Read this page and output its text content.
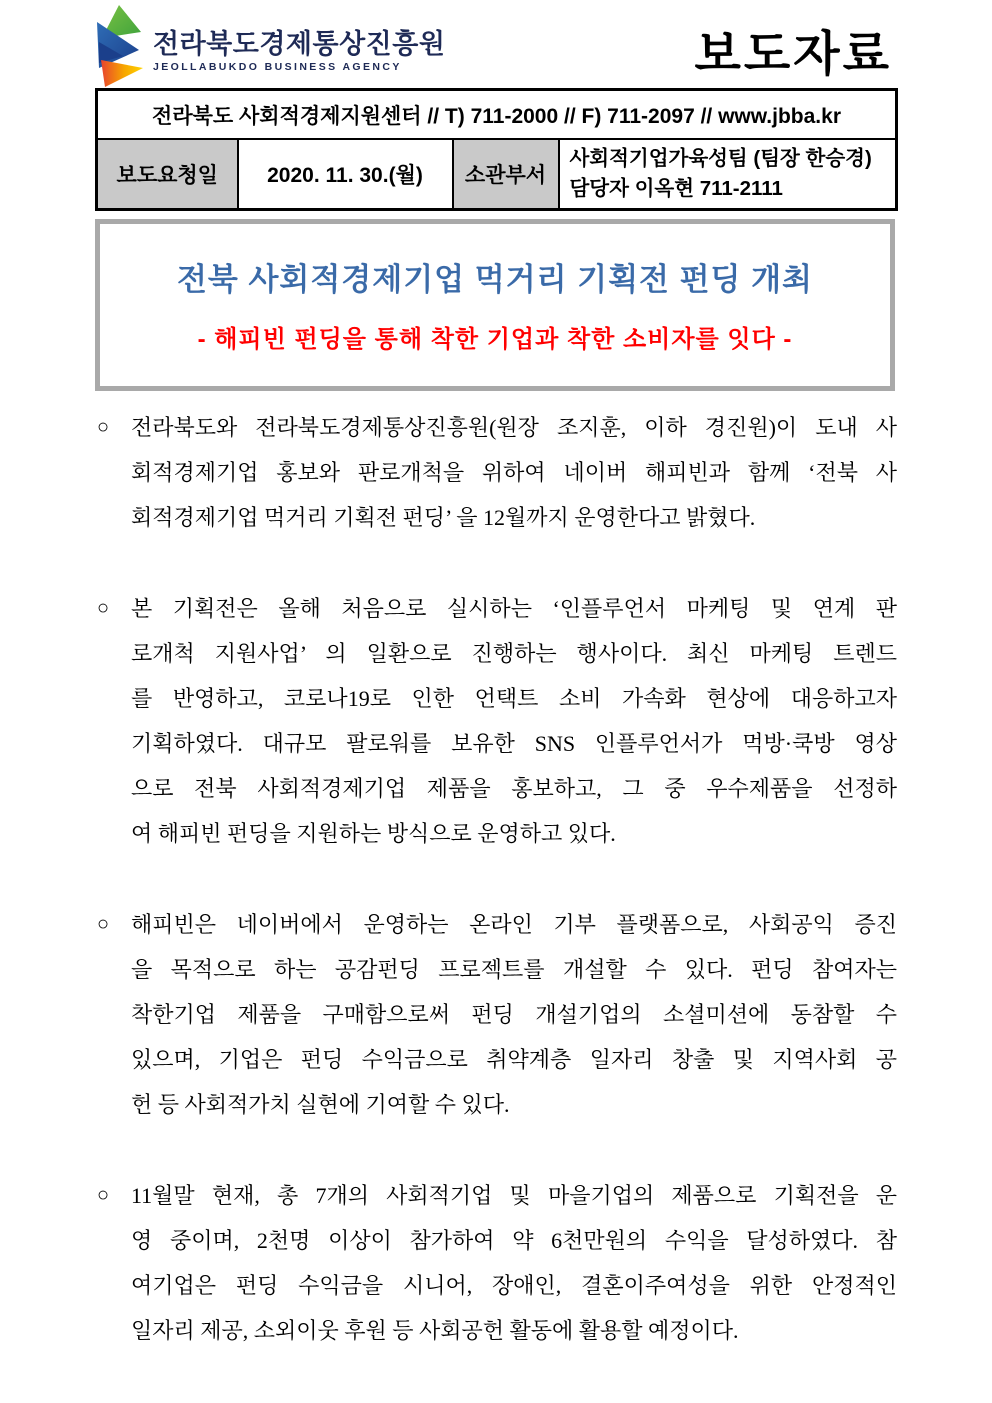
전라북도경제통상진흥원
JEOLLABUKDO BUSINESS AGENCY	보도자료
전라북도 사회적경제지원센터 // T) 711-2000 // F) 711-2097 // www.jbba.kr
보도요청일	2020. 11. 30.(월)	소관부서	
사회적기업가육성팀 (팀장 한승경)
담당자 이옥현 711-2111
전북 사회적경제기업 먹거리 기획전 펀딩 개최
- 해피빈 펀딩을 통해 착한 기업과 착한 소비자를 잇다 -
○ 전라북도와 전라북도경제통상진흥원(원장 조지훈, 이하 경진원)이 도내 사
회적경제기업 홍보와 판로개척을 위하여 네이버 해피빈과 함께 ‘전북 사
회적경제기업 먹거리 기획전 펀딩’ 을 12월까지 운영한다고 밝혔다.
○ 본 기획전은 올해 처음으로 실시하는 ‘인플루언서 마케팅 및 연계 판
로개척 지원사업’ 의 일환으로 진행하는 행사이다. 최신 마케팅 트렌드
를 반영하고, 코로나19로 인한 언택트 소비 가속화 현상에 대응하고자
기획하였다. 대규모 팔로워를 보유한 SNS 인플루언서가 먹방·쿡방 영상
으로 전북 사회적경제기업 제품을 홍보하고, 그 중 우수제품을 선정하
여 해피빈 펀딩을 지원하는 방식으로 운영하고 있다.
○ 해피빈은 네이버에서 운영하는 온라인 기부 플랫폼으로, 사회공익 증진
을 목적으로 하는 공감펀딩 프로젝트를 개설할 수 있다. 펀딩 참여자는
착한기업 제품을 구매함으로써 펀딩 개설기업의 소셜미션에 동참할 수
있으며, 기업은 펀딩 수익금으로 취약계층 일자리 창출 및 지역사회 공
헌 등 사회적가치 실현에 기여할 수 있다.
○ 11월말 현재, 총 7개의 사회적기업 및 마을기업의 제품으로 기획전을 운
영 중이며, 2천명 이상이 참가하여 약 6천만원의 수익을 달성하였다. 참
여기업은 펀딩 수익금을 시니어, 장애인, 결혼이주여성을 위한 안정적인
일자리 제공, 소외이웃 후원 등 사회공헌 활동에 활용할 예정이다.
